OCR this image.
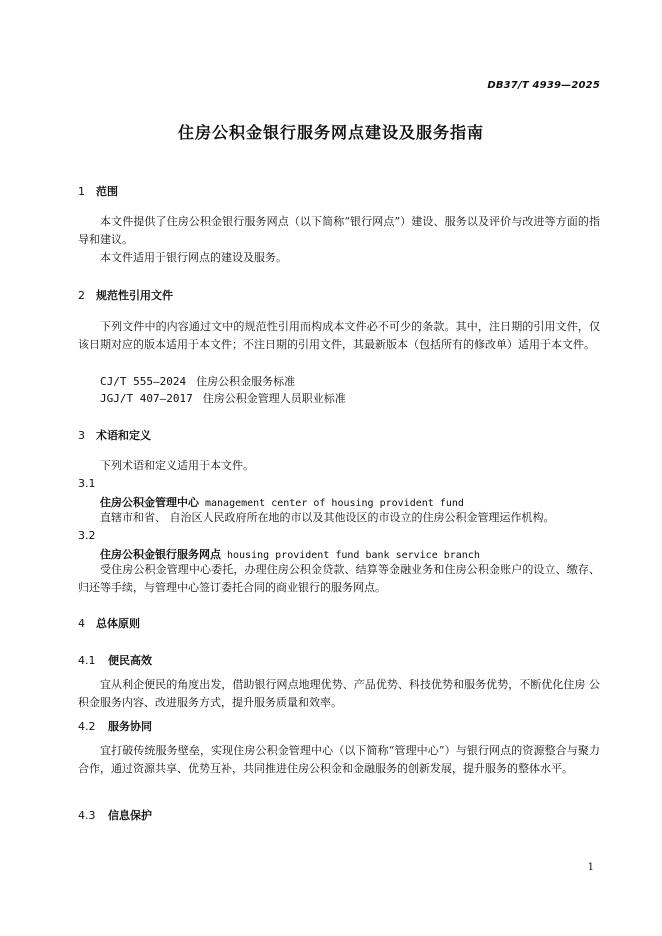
DB37/T 4939—2025
住房公积金银行服务网点建设及服务指南
1 范围
本文件提供了住房公积金银行服务网点（以下简称“银行网点”）建设、服务以及评价与改进等方面的指导和建议。
本文件适用于银行网点的建设及服务。
2 规范性引用文件
下列文件中的内容通过文中的规范性引用而构成本文件必不可少的条款。其中，注日期的引用文件，仅该日期对应的版本适用于本文件；不注日期的引用文件，其最新版本（包括所有的修改单）适用于本文件。
CJ/T 555—2024 住房公积金服务标准
JGJ/T 407—2017 住房公积金管理人员职业标准
3 术语和定义
下列术语和定义适用于本文件。
3.1
住房公积金管理中心 management center of housing provident fund
直辖市和省、 自治区人民政府所在地的市以及其他设区的市设立的住房公积金管理运作机构。
3.2
住房公积金银行服务网点 housing provident fund bank service branch
受住房公积金管理中心委托，办理住房公积金贷款、结算等金融业务和住房公积金账户的设立、缴存、归还等手续，与管理中心签订委托合同的商业银行的服务网点。
4 总体原则
4.1 便民高效
宜从利企便民的角度出发，借助银行网点地理优势、产品优势、科技优势和服务优势，不断优化住房 公积金服务内容、改进服务方式，提升服务质量和效率。
4.2 服务协同
宜打破传统服务壁垒，实现住房公积金管理中心（以下简称“管理中心”）与银行网点的资源整合与聚力合作，通过资源共享、优势互补，共同推进住房公积金和金融服务的创新发展，提升服务的整体水平。
4.3 信息保护
1
